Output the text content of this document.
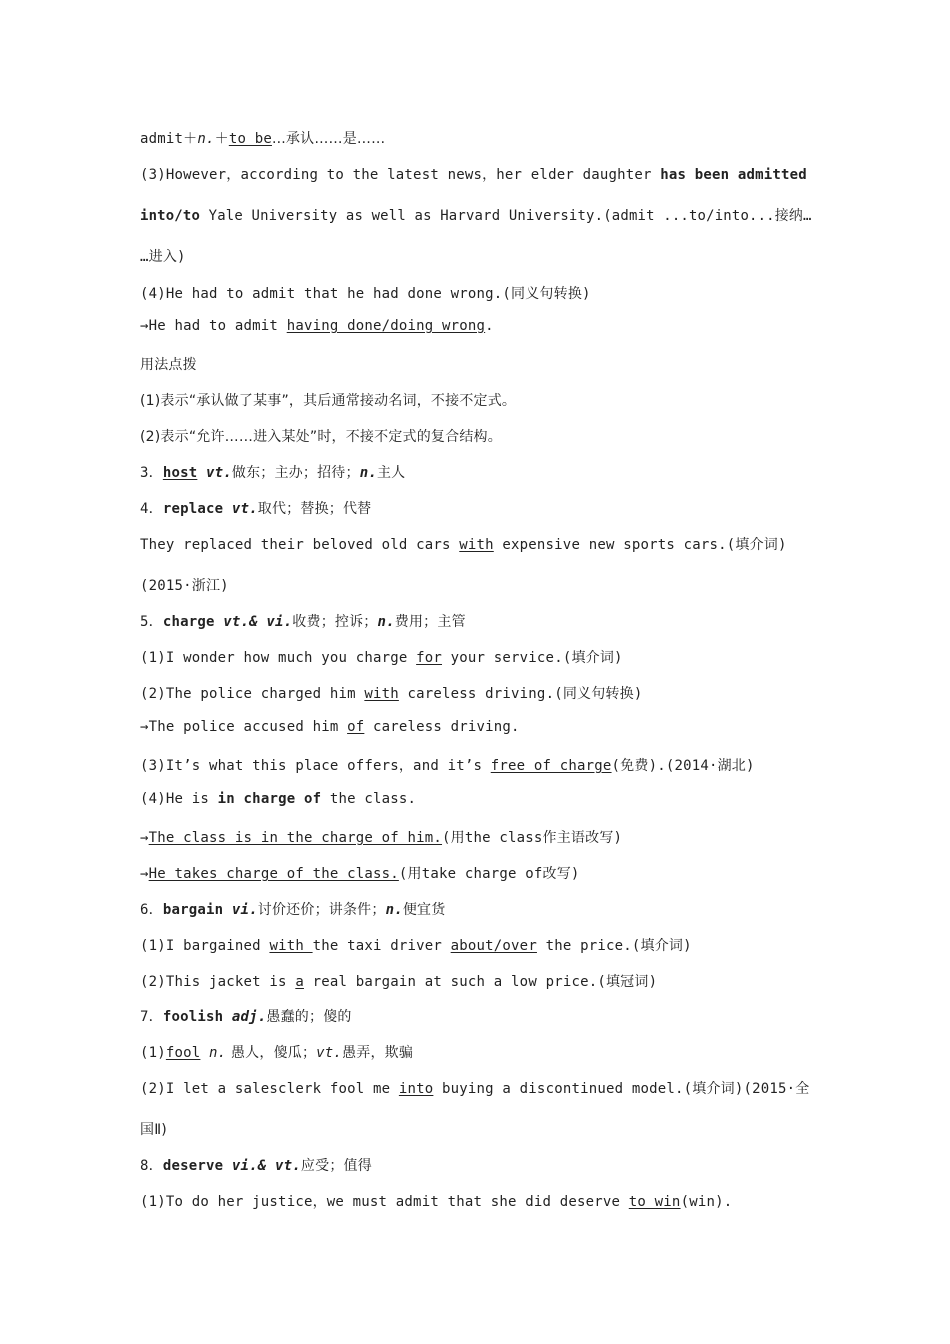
admit＋n.＋to be...承认……是……
(3)However，according to the latest news，her elder daughter has been admitted
into/to Yale University as well as Harvard University.(admit ...to/into...接纳…
…进入)
(4)He had to admit that he had done wrong.(同义句转换)
→He had to admit having done/doing wrong.
用法点拨
(1)表示“承认做了某事”，其后通常接动名词，不接不定式。
(2)表示“允许……进入某处”时，不接不定式的复合结构。
3．host vt.做东；主办；招待；n.主人
4．replace vt.取代；替换；代替
They replaced their beloved old cars with expensive new sports cars.(填介词)
(2015·浙江)
5．charge vt.& vi.收费；控诉；n.费用；主管
(1)I wonder how much you charge for your service.(填介词)
(2)The police charged him with careless driving.(同义句转换)
→The police accused him of careless driving.
(3)It’s what this place offers，and it’s free of charge(免费).(2014·湖北)
(4)He is in charge of the class.
→The class is in the charge of him.(用the class作主语改写)
→He takes charge of the class.(用take charge of改写)
6．bargain vi.讨价还价；讲条件；n.便宜货
(1)I bargained with the taxi driver about/over the price.(填介词)
(2)This jacket is a real bargain at such a low price.(填冠词)
7．foolish adj.愚蠢的；傻的
(1)fool n. 愚人，傻瓜；vt.愚弄，欺骗
(2)I let a salesclerk fool me into buying a discontinued model.(填介词)(2015·全
国Ⅱ)
8．deserve vi.& vt.应受；值得
(1)To do her justice，we must admit that she did deserve to win(win).
